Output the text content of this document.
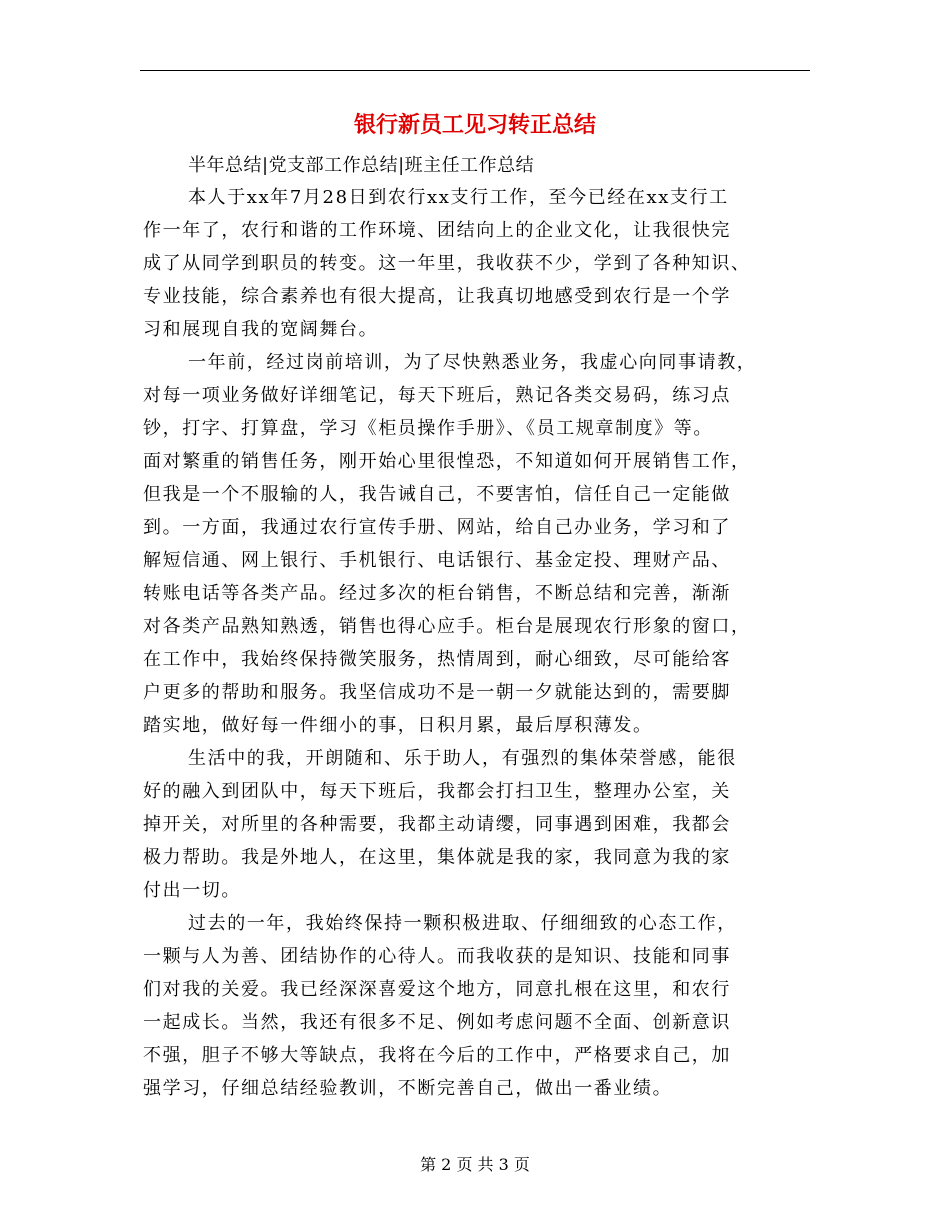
银行新员工见习转正总结
半年总结|党支部工作总结|班主任工作总结
本人于xx年7月28日到农行xx支行工作，至今已经在xx支行工
作一年了，农行和谐的工作环境、团结向上的企业文化，让我很快完
成了从同学到职员的转变。这一年里，我收获不少，学到了各种知识、
专业技能，综合素养也有很大提高，让我真切地感受到农行是一个学
习和展现自我的宽阔舞台。
一年前，经过岗前培训，为了尽快熟悉业务，我虚心向同事请教，
对每一项业务做好详细笔记，每天下班后，熟记各类交易码，练习点
钞，打字、打算盘，学习《柜员操作手册》、《员工规章制度》等。
面对繁重的销售任务，刚开始心里很惶恐，不知道如何开展销售工作，
但我是一个不服输的人，我告诫自己，不要害怕，信任自己一定能做
到。一方面，我通过农行宣传手册、网站，给自己办业务，学习和了
解短信通、网上银行、手机银行、电话银行、基金定投、理财产品、
转账电话等各类产品。经过多次的柜台销售，不断总结和完善，渐渐
对各类产品熟知熟透，销售也得心应手。柜台是展现农行形象的窗口，
在工作中，我始终保持微笑服务，热情周到，耐心细致，尽可能给客
户更多的帮助和服务。我坚信成功不是一朝一夕就能达到的，需要脚
踏实地，做好每一件细小的事，日积月累，最后厚积薄发。
生活中的我，开朗随和、乐于助人，有强烈的集体荣誉感，能很
好的融入到团队中，每天下班后，我都会打扫卫生，整理办公室，关
掉开关，对所里的各种需要，我都主动请缨，同事遇到困难，我都会
极力帮助。我是外地人，在这里，集体就是我的家，我同意为我的家
付出一切。
过去的一年，我始终保持一颗积极进取、仔细细致的心态工作，
一颗与人为善、团结协作的心待人。而我收获的是知识、技能和同事
们对我的关爱。我已经深深喜爱这个地方，同意扎根在这里，和农行
一起成长。当然，我还有很多不足、例如考虑问题不全面、创新意识
不强，胆子不够大等缺点，我将在今后的工作中，严格要求自己，加
强学习，仔细总结经验教训，不断完善自己，做出一番业绩。
第 2 页 共 3 页
